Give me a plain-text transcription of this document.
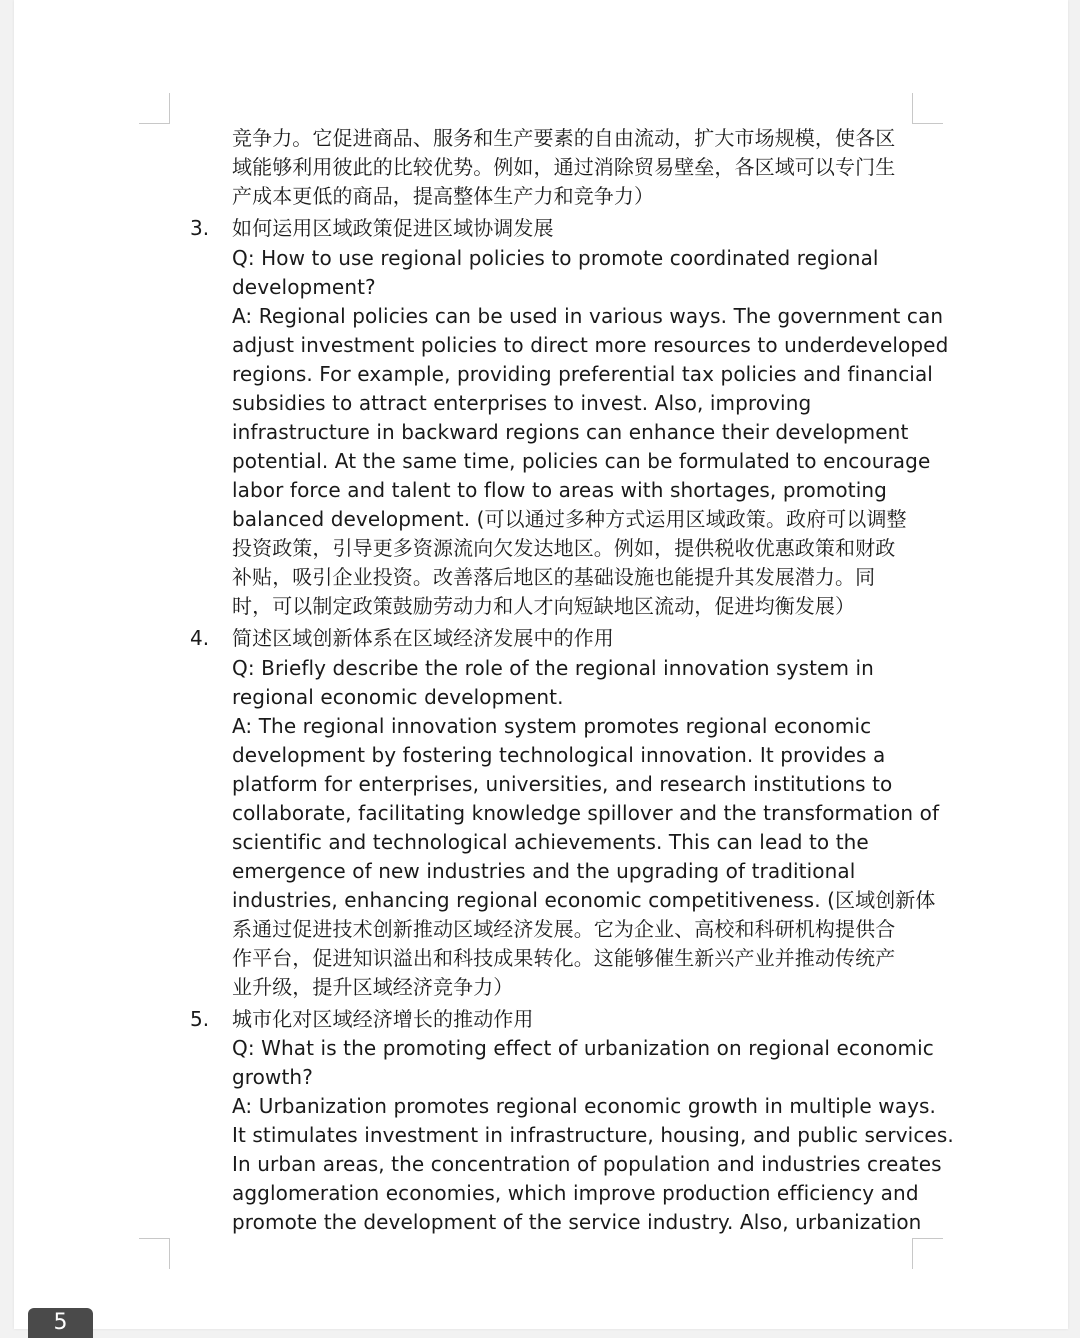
竞争力。它促进商品、服务和生产要素的自由流动，扩大市场规模，使各区
域能够利用彼此的比较优势。例如，通过消除贸易壁垒，各区域可以专门生
产成本更低的商品，提高整体生产力和竞争力）
3. 如何运用区域政策促进区域协调发展
Q: How to use regional policies to promote coordinated regional
development?
A: Regional policies can be used in various ways. The government can
adjust investment policies to direct more resources to underdeveloped
regions. For example, providing preferential tax policies and financial
subsidies to attract enterprises to invest. Also, improving
infrastructure in backward regions can enhance their development
potential. At the same time, policies can be formulated to encourage
labor force and talent to flow to areas with shortages, promoting
balanced development. (可以通过多种方式运用区域政策。政府可以调整
投资政策，引导更多资源流向欠发达地区。例如，提供税收优惠政策和财政
补贴，吸引企业投资。改善落后地区的基础设施也能提升其发展潜力。同
时，可以制定政策鼓励劳动力和人才向短缺地区流动，促进均衡发展）
4. 简述区域创新体系在区域经济发展中的作用
Q: Briefly describe the role of the regional innovation system in
regional economic development.
A: The regional innovation system promotes regional economic
development by fostering technological innovation. It provides a
platform for enterprises, universities, and research institutions to
collaborate, facilitating knowledge spillover and the transformation of
scientific and technological achievements. This can lead to the
emergence of new industries and the upgrading of traditional
industries, enhancing regional economic competitiveness. (区域创新体
系通过促进技术创新推动区域经济发展。它为企业、高校和科研机构提供合
作平台，促进知识溢出和科技成果转化。这能够催生新兴产业并推动传统产
业升级，提升区域经济竞争力）
5. 城市化对区域经济增长的推动作用
Q: What is the promoting effect of urbanization on regional economic
growth?
A: Urbanization promotes regional economic growth in multiple ways.
It stimulates investment in infrastructure, housing, and public services.
In urban areas, the concentration of population and industries creates
agglomeration economies, which improve production efficiency and
promote the development of the service industry. Also, urbanization
5
